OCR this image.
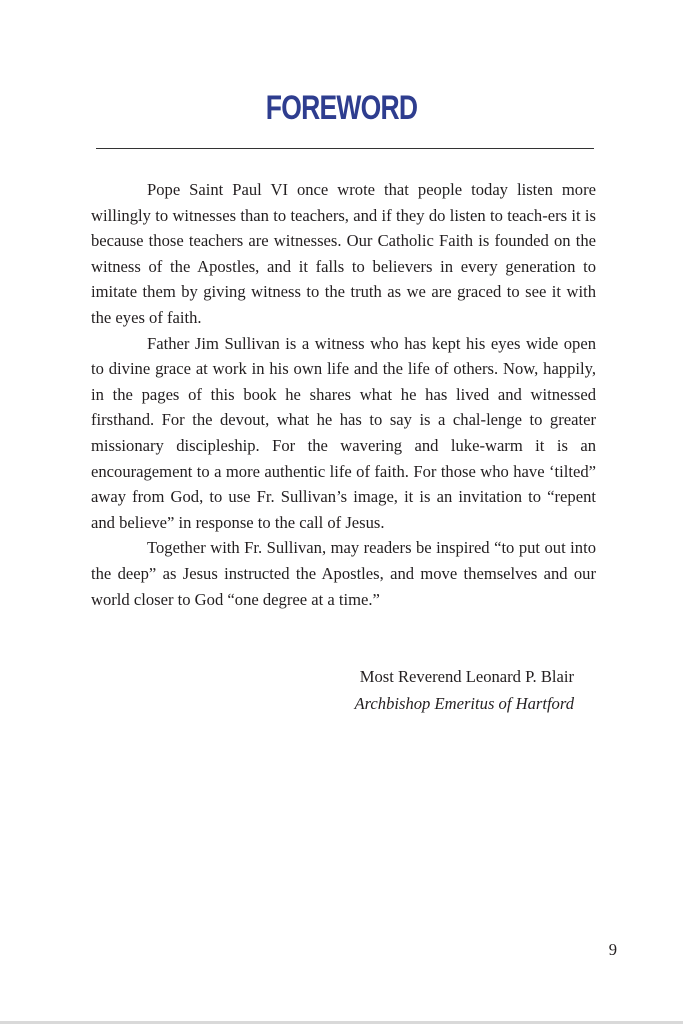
FOREWORD

Pope Saint Paul VI once wrote that people today listen more willingly to witnesses than to teachers, and if they do listen to teach-ers it is because those teachers are witnesses. Our Catholic Faith is founded on the witness of the Apostles, and it falls to believers in every generation to imitate them by giving witness to the truth as we are graced to see it with the eyes of faith.

Father Jim Sullivan is a witness who has kept his eyes wide open to divine grace at work in his own life and the life of others. Now, happily, in the pages of this book he shares what he has lived and witnessed firsthand. For the devout, what he has to say is a chal-lenge to greater missionary discipleship. For the wavering and luke-warm it is an encouragement to a more authentic life of faith. For those who have ‘tilted” away from God, to use Fr. Sullivan’s image, it is an invitation to “repent and believe” in response to the call of Jesus.

Together with Fr. Sullivan, may readers be inspired “to put out into the deep” as Jesus instructed the Apostles, and move themselves and our world closer to God “one degree at a time.”

Most Reverend Leonard P. Blair
Archbishop Emeritus of Hartford
9
